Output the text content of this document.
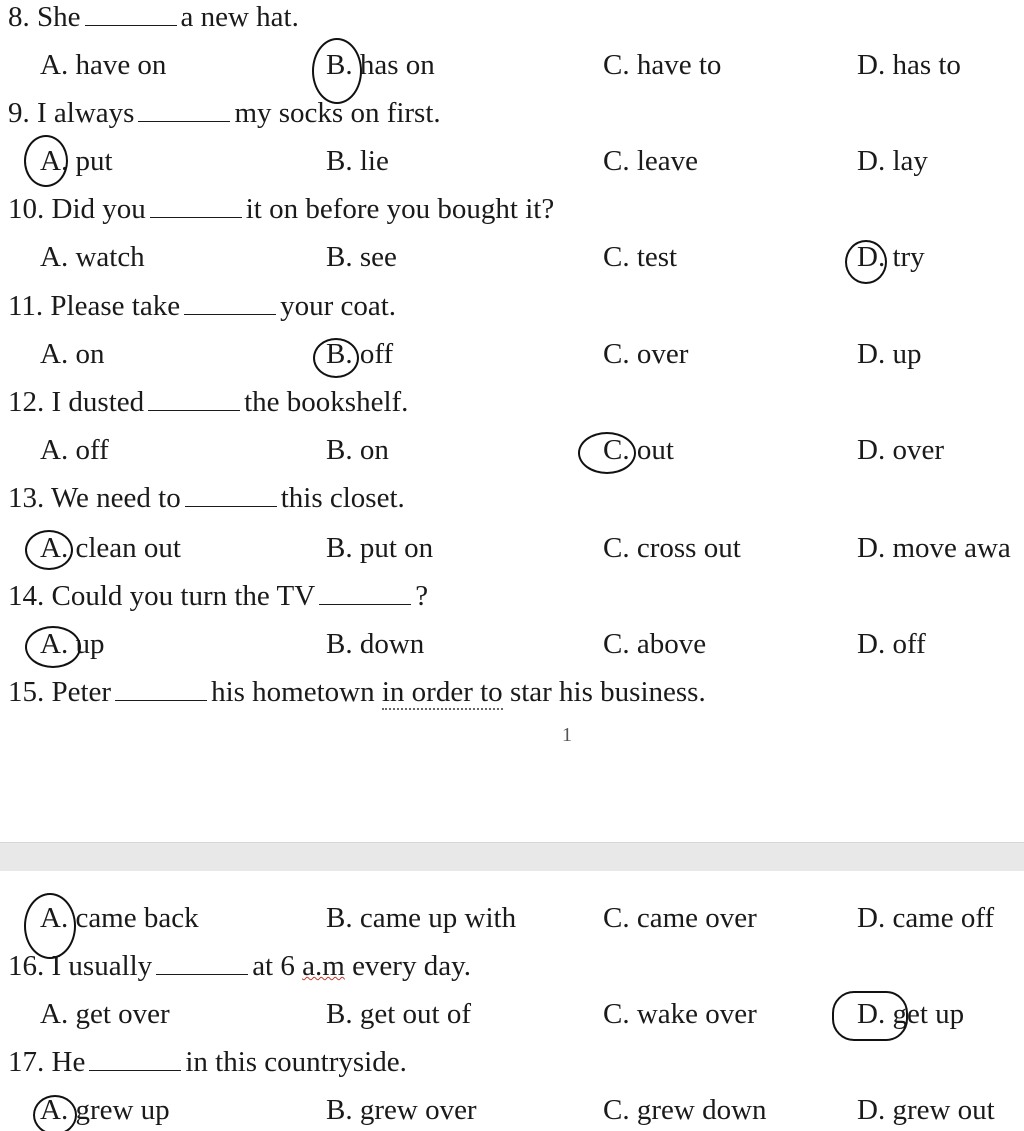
8. She	a new hat.
A. have on	B. has on	C. have to	D. has to
9. I always	my socks on first.
A. put	B. lie	C. leave	D. lay
10. Did you	it on before you bought it?
A. watch	B. see	C. test	D. try
11. Please take	your coat.
A. on	B. off	C. over	D. up
12. I dusted	the bookshelf.
A. off	B. on	C. out	D. over
13. We need to	this closet.
A. clean out	B. put on	C. cross out	D. move awa
14. Could you turn the TV	?
A. up	B. down	C. above	D. off
15. Peter	his hometown in order to star his business.
1
A. came back	B. came up with	C. came over	D. came off
16. I usually	at 6 a.m every day.
A. get over	B. get out of	C. wake over	D. get up
17. He	in this countryside.
A. grew up	B. grew over	C. grew down	D. grew out
